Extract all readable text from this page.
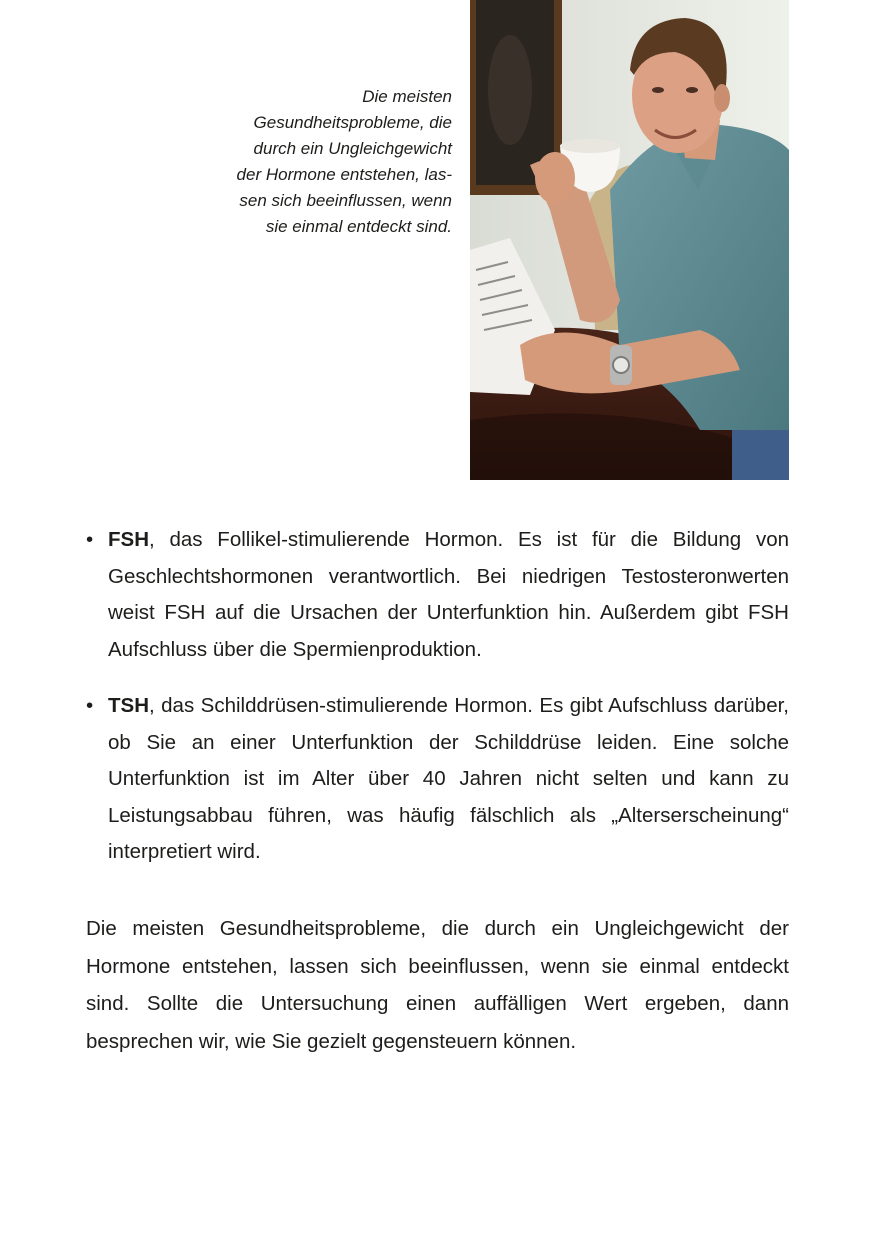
Die meisten
Gesundheitsprobleme, die
durch ein Ungleichgewicht
der Hormone entstehen, las-
sen sich beeinflussen, wenn
sie einmal entdeckt sind.
• FSH, das Follikel-stimulierende Hormon. Es ist für die Bildung von Geschlechtshormonen verantwortlich. Bei niedrigen Testosteronwerten weist FSH auf die Ursachen der Unterfunktion hin. Außerdem gibt FSH Aufschluss über die Spermienproduktion.
• TSH, das Schilddrüsen-stimulierende Hormon. Es gibt Aufschluss darüber, ob Sie an einer Unterfunktion der Schilddrüse leiden. Eine solche Unterfunktion ist im Alter über 40 Jahren nicht selten und kann zu Leistungsabbau führen, was häufig fälschlich als „Alterserscheinung“ interpretiert wird.

Die meisten Gesundheitsprobleme, die durch ein Ungleichgewicht der Hormone entstehen, lassen sich beeinflussen, wenn sie einmal entdeckt sind. Sollte die Untersuchung einen auffälligen Wert ergeben, dann besprechen wir, wie Sie gezielt gegensteuern können.
